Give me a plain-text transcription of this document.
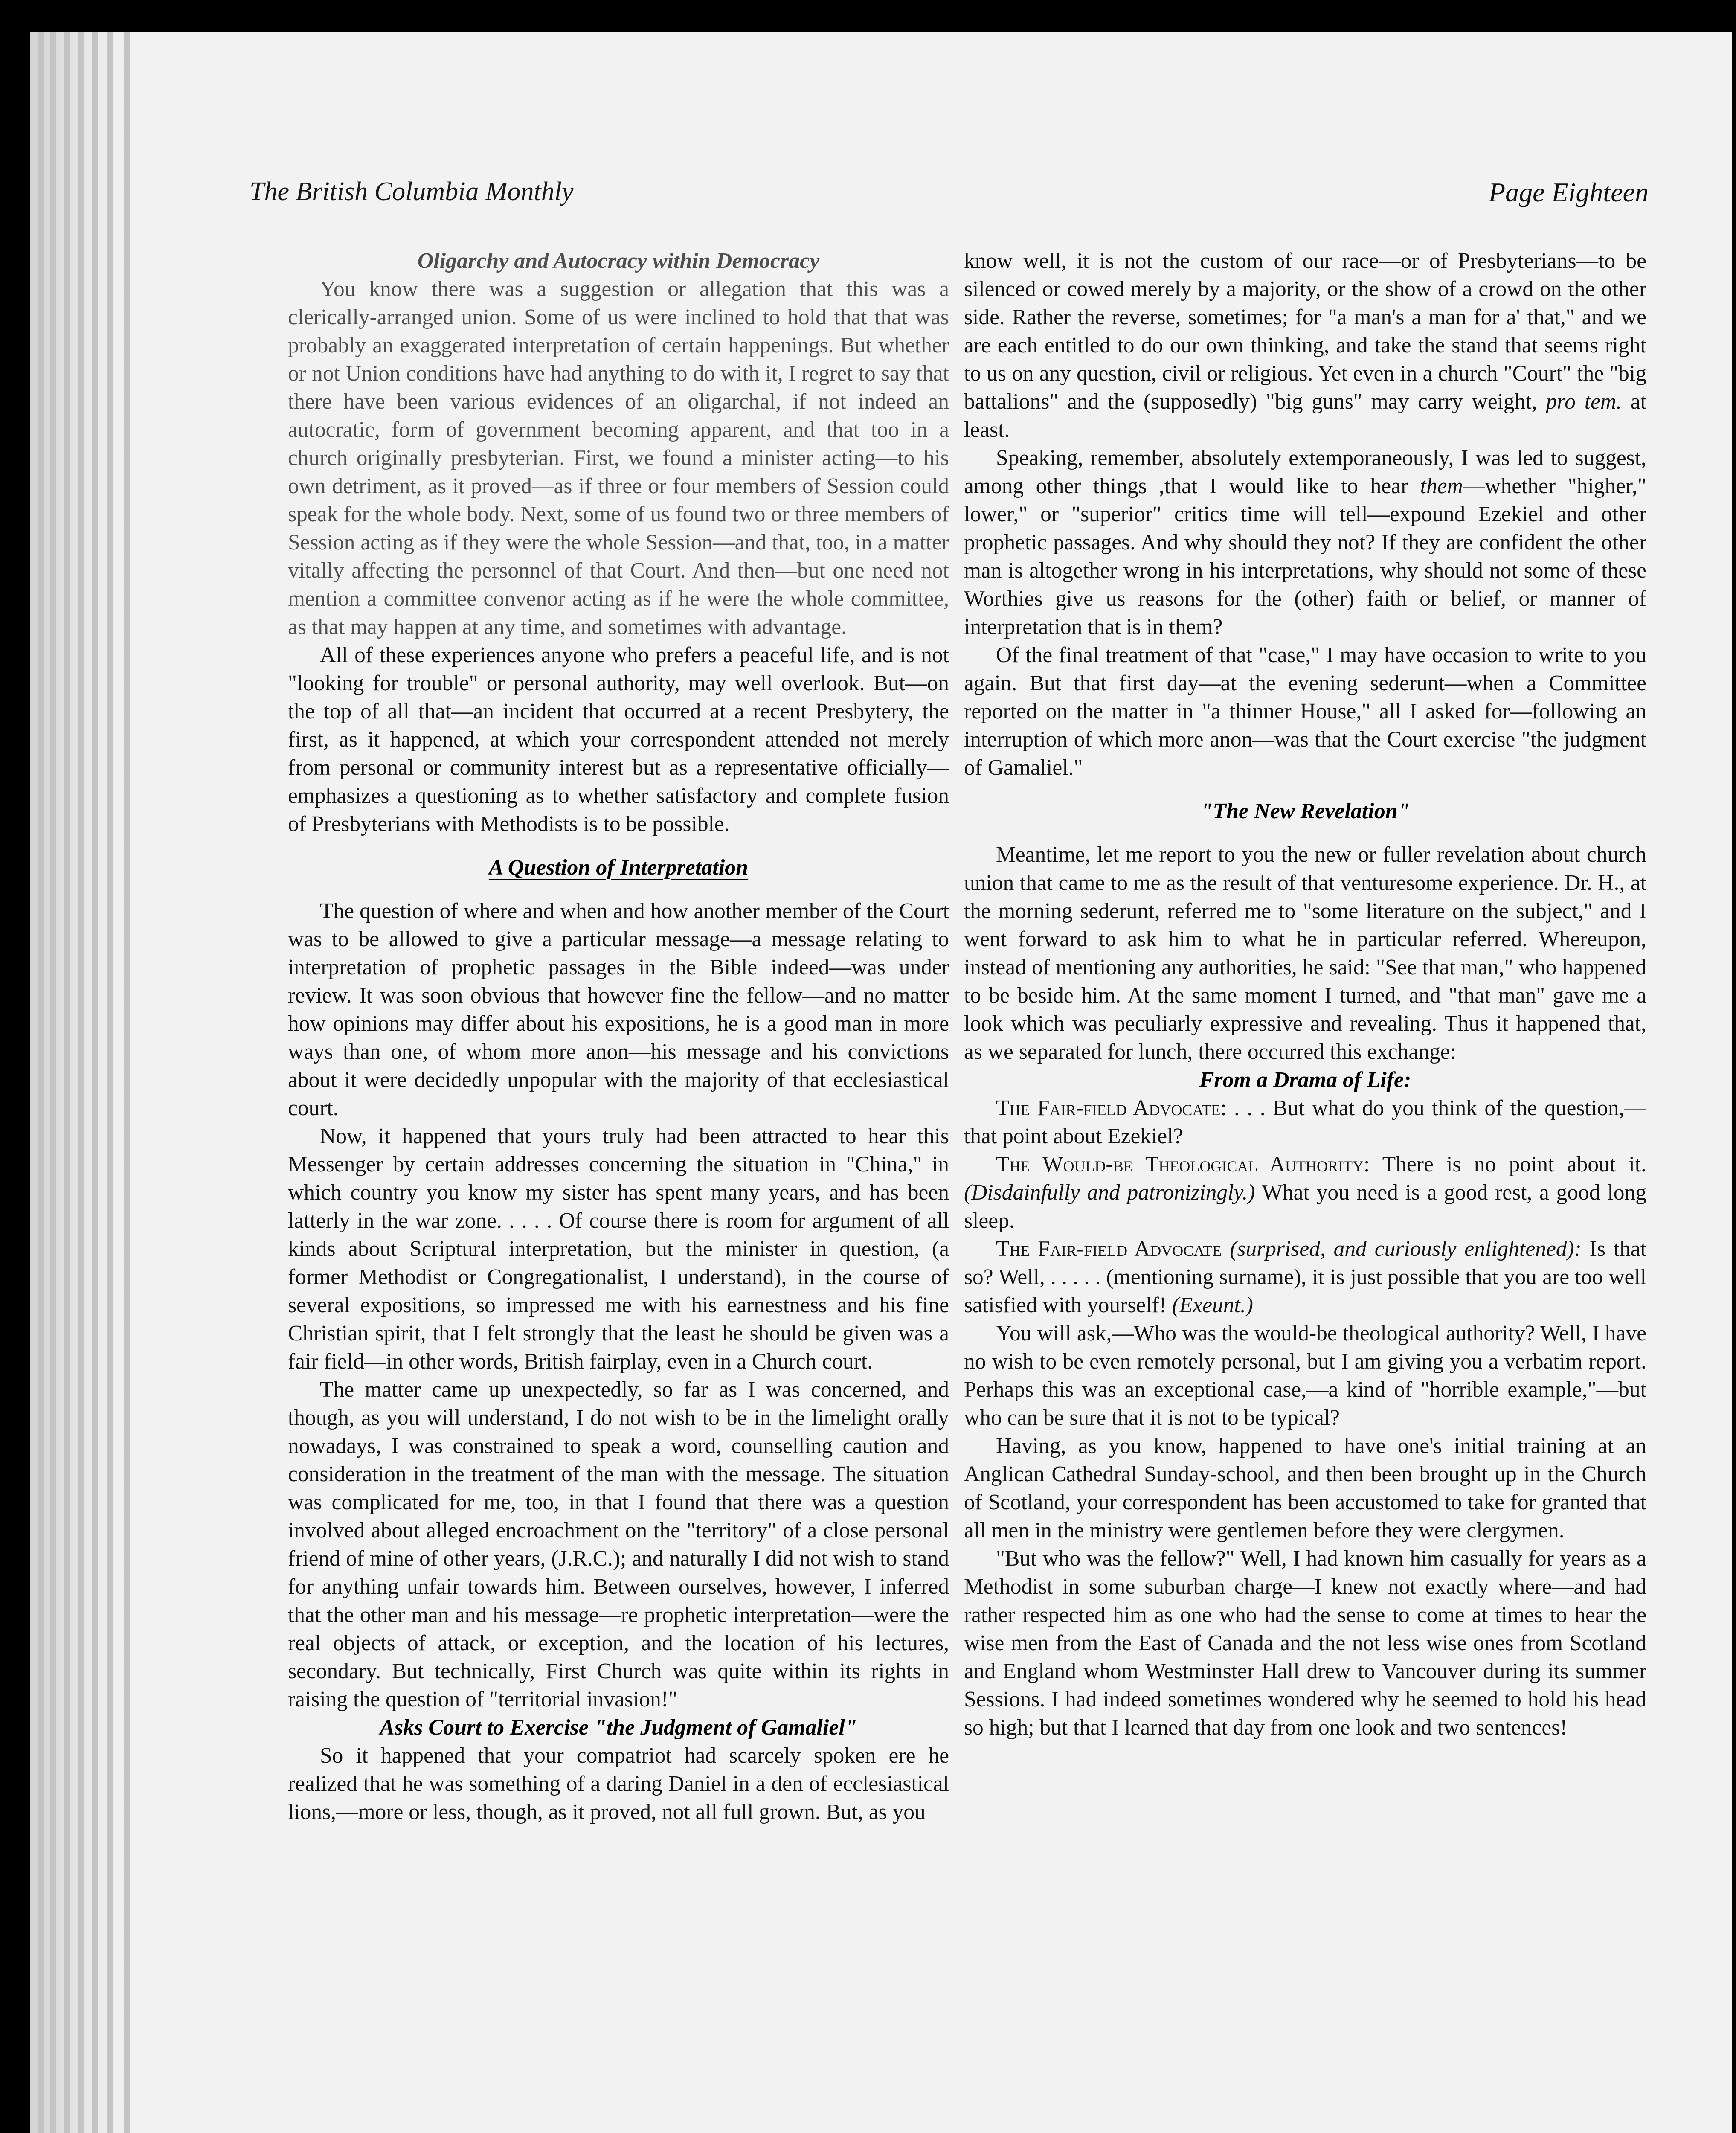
The British Columbia Monthly	Page Eighteen
Oligarchy and Autocracy within Democracy

You know there was a suggestion or allegation that this was a clerically-arranged union. Some of us were inclined to hold that that was probably an exaggerated interpretation of certain happenings. But whether or not Union conditions have had anything to do with it, I regret to say that there have been various evidences of an oligarchal, if not indeed an autocratic, form of government becoming apparent, and that too in a church originally presbyterian. First, we found a minister acting—to his own detriment, as it proved—as if three or four members of Session could speak for the whole body. Next, some of us found two or three members of Session acting as if they were the whole Session—and that, too, in a matter vitally affecting the personnel of that Court. And then—but one need not mention a committee convenor acting as if he were the whole committee, as that may happen at any time, and sometimes with advantage.

All of these experiences anyone who prefers a peaceful life, and is not "looking for trouble" or personal authority, may well overlook. But—on the top of all that—an incident that occurred at a recent Presbytery, the first, as it happened, at which your correspondent attended not merely from personal or community interest but as a representative officially—emphasizes a questioning as to whether satisfactory and complete fusion of Presbyterians with Methodists is to be possible.

A Question of Interpretation

The question of where and when and how another member of the Court was to be allowed to give a particular message—a message relating to interpretation of prophetic passages in the Bible indeed—was under review. It was soon obvious that however fine the fellow—and no matter how opinions may differ about his expositions, he is a good man in more ways than one, of whom more anon—his message and his convictions about it were decidedly unpopular with the majority of that ecclesiastical court.

Now, it happened that yours truly had been attracted to hear this Messenger by certain addresses concerning the situation in "China," in which country you know my sister has spent many years, and has been latterly in the war zone. . . . . Of course there is room for argument of all kinds about Scriptural interpretation, but the minister in question, (a former Methodist or Congregationalist, I understand), in the course of several expositions, so impressed me with his earnestness and his fine Christian spirit, that I felt strongly that the least he should be given was a fair field—in other words, British fairplay, even in a Church court.

The matter came up unexpectedly, so far as I was concerned, and though, as you will understand, I do not wish to be in the limelight orally nowadays, I was constrained to speak a word, counselling caution and consideration in the treatment of the man with the message. The situation was complicated for me, too, in that I found that there was a question involved about alleged encroachment on the "territory" of a close personal friend of mine of other years, (J.R.C.); and naturally I did not wish to stand for anything unfair towards him. Between ourselves, however, I inferred that the other man and his message—re prophetic interpretation—were the real objects of attack, or exception, and the location of his lectures, secondary. But technically, First Church was quite within its rights in raising the question of "territorial invasion!"

Asks Court to Exercise "the Judgment of Gamaliel"

So it happened that your compatriot had scarcely spoken ere he realized that he was something of a daring Daniel in a den of ecclesiastical lions,—more or less, though, as it proved, not all full grown. But, as you

know well, it is not the custom of our race—or of Presbyterians—to be silenced or cowed merely by a majority, or the show of a crowd on the other side. Rather the reverse, sometimes; for "a man's a man for a' that," and we are each entitled to do our own thinking, and take the stand that seems right to us on any question, civil or religious. Yet even in a church "Court" the "big battalions" and the (supposedly) "big guns" may carry weight, pro tem. at least.

Speaking, remember, absolutely extemporaneously, I was led to suggest, among other things ,that I would like to hear them—whether "higher," lower," or "superior" critics time will tell—expound Ezekiel and other prophetic passages. And why should they not? If they are confident the other man is altogether wrong in his interpretations, why should not some of these Worthies give us reasons for the (other) faith or belief, or manner of interpretation that is in them?

Of the final treatment of that "case," I may have occasion to write to you again. But that first day—at the evening sederunt—when a Committee reported on the matter in "a thinner House," all I asked for—following an interruption of which more anon—was that the Court exercise "the judgment of Gamaliel."

"The New Revelation"

Meantime, let me report to you the new or fuller revelation about church union that came to me as the result of that venturesome experience. Dr. H., at the morning sederunt, referred me to "some literature on the subject," and I went forward to ask him to what he in particular referred. Whereupon, instead of mentioning any authorities, he said: "See that man," who happened to be beside him. At the same moment I turned, and "that man" gave me a look which was peculiarly expressive and revealing. Thus it happened that, as we separated for lunch, there occurred this exchange:

From a Drama of Life:

The Fair-field Advocate: . . . But what do you think of the question,—that point about Ezekiel?

The Would-be Theological Authority: There is no point about it. (Disdainfully and patronizingly.) What you need is a good rest, a good long sleep.

The Fair-field Advocate (surprised, and curiously enlightened): Is that so? Well, . . . . . (mentioning surname), it is just possible that you are too well satisfied with yourself! (Exeunt.)

You will ask,—Who was the would-be theological authority? Well, I have no wish to be even remotely personal, but I am giving you a verbatim report. Perhaps this was an exceptional case,—a kind of "horrible example,"—but who can be sure that it is not to be typical?

Having, as you know, happened to have one's initial training at an Anglican Cathedral Sunday-school, and then been brought up in the Church of Scotland, your correspondent has been accustomed to take for granted that all men in the ministry were gentlemen before they were clergymen.

"But who was the fellow?" Well, I had known him casually for years as a Methodist in some suburban charge—I knew not exactly where—and had rather respected him as one who had the sense to come at times to hear the wise men from the East of Canada and the not less wise ones from Scotland and England whom Westminster Hall drew to Vancouver during its summer Sessions. I had indeed sometimes wondered why he seemed to hold his head so high; but that I learned that day from one look and two sentences!
